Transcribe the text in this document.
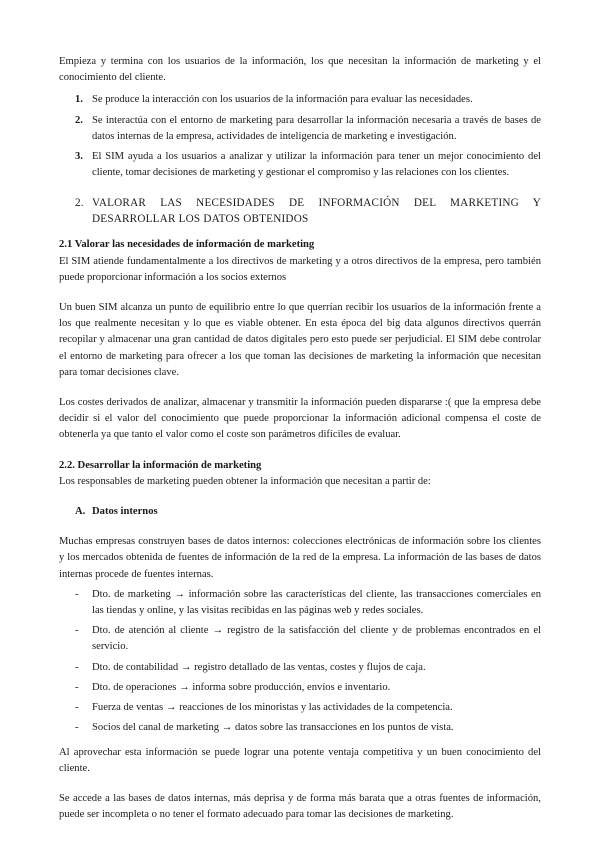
Empieza y termina con los usuarios de la información, los que necesitan la información de marketing y el conocimiento del cliente.

1. Se produce la interacción con los usuarios de la información para evaluar las necesidades.
2. Se interactúa con el entorno de marketing para desarrollar la información necesaria a través de bases de datos internas de la empresa, actividades de inteligencia de marketing e investigación.
3. El SIM ayuda a los usuarios a analizar y utilizar la información para tener un mejor conocimiento del cliente, tomar decisiones de marketing y gestionar el compromiso y las relaciones con los clientes.
2. VALORAR LAS NECESIDADES DE INFORMACIÓN DEL MARKETING Y DESARROLLAR LOS DATOS OBTENIDOS

2.1 Valorar las necesidades de información de marketing

El SIM atiende fundamentalmente a los directivos de marketing y a otros directivos de la empresa, pero también puede proporcionar información a los socios externos

Un buen SIM alcanza un punto de equilibrio entre lo que querrían recibir los usuarios de la información frente a los que realmente necesitan y lo que es viable obtener. En esta época del big data algunos directivos querrán recopilar y almacenar una gran cantidad de datos digitales pero esto puede ser perjudicial. El SIM debe controlar el entorno de marketing para ofrecer a los que toman las decisiones de marketing la información que necesitan para tomar decisiones clave.

Los costes derivados de analizar, almacenar y transmitir la información pueden dispararse :( que la empresa debe decidir si el valor del conocimiento que puede proporcionar la información adicional compensa el coste de obtenerla ya que tanto el valor como el coste son parámetros difíciles de evaluar.

2.2. Desarrollar la información de marketing

Los responsables de marketing pueden obtener la información que necesitan a partir de:

A. Datos internos

Muchas empresas construyen bases de datos internos: colecciones electrónicas de información sobre los clientes y los mercados obtenida de fuentes de información de la red de la empresa. La información de las bases de datos internas procede de fuentes internas.

- Dto. de marketing → información sobre las características del cliente, las transacciones comerciales en las tiendas y online, y las visitas recibidas en las páginas web y redes sociales.
- Dto. de atención al cliente → registro de la satisfacción del cliente y de problemas encontrados en el servicio.
- Dto. de contabilidad → registro detallado de las ventas, costes y flujos de caja.
- Dto. de operaciones → informa sobre producción, envíos e inventario.
- Fuerza de ventas → reacciones de los minoristas y las actividades de la competencia.
- Socios del canal de marketing → datos sobre las transacciones en los puntos de vista.

Al aprovechar esta información se puede lograr una potente ventaja competitiva y un buen conocimiento del cliente.

Se accede a las bases de datos internas, más deprisa y de forma más barata que a otras fuentes de información, puede ser incompleta o no tener el formato adecuado para tomar las decisiones de marketing.
